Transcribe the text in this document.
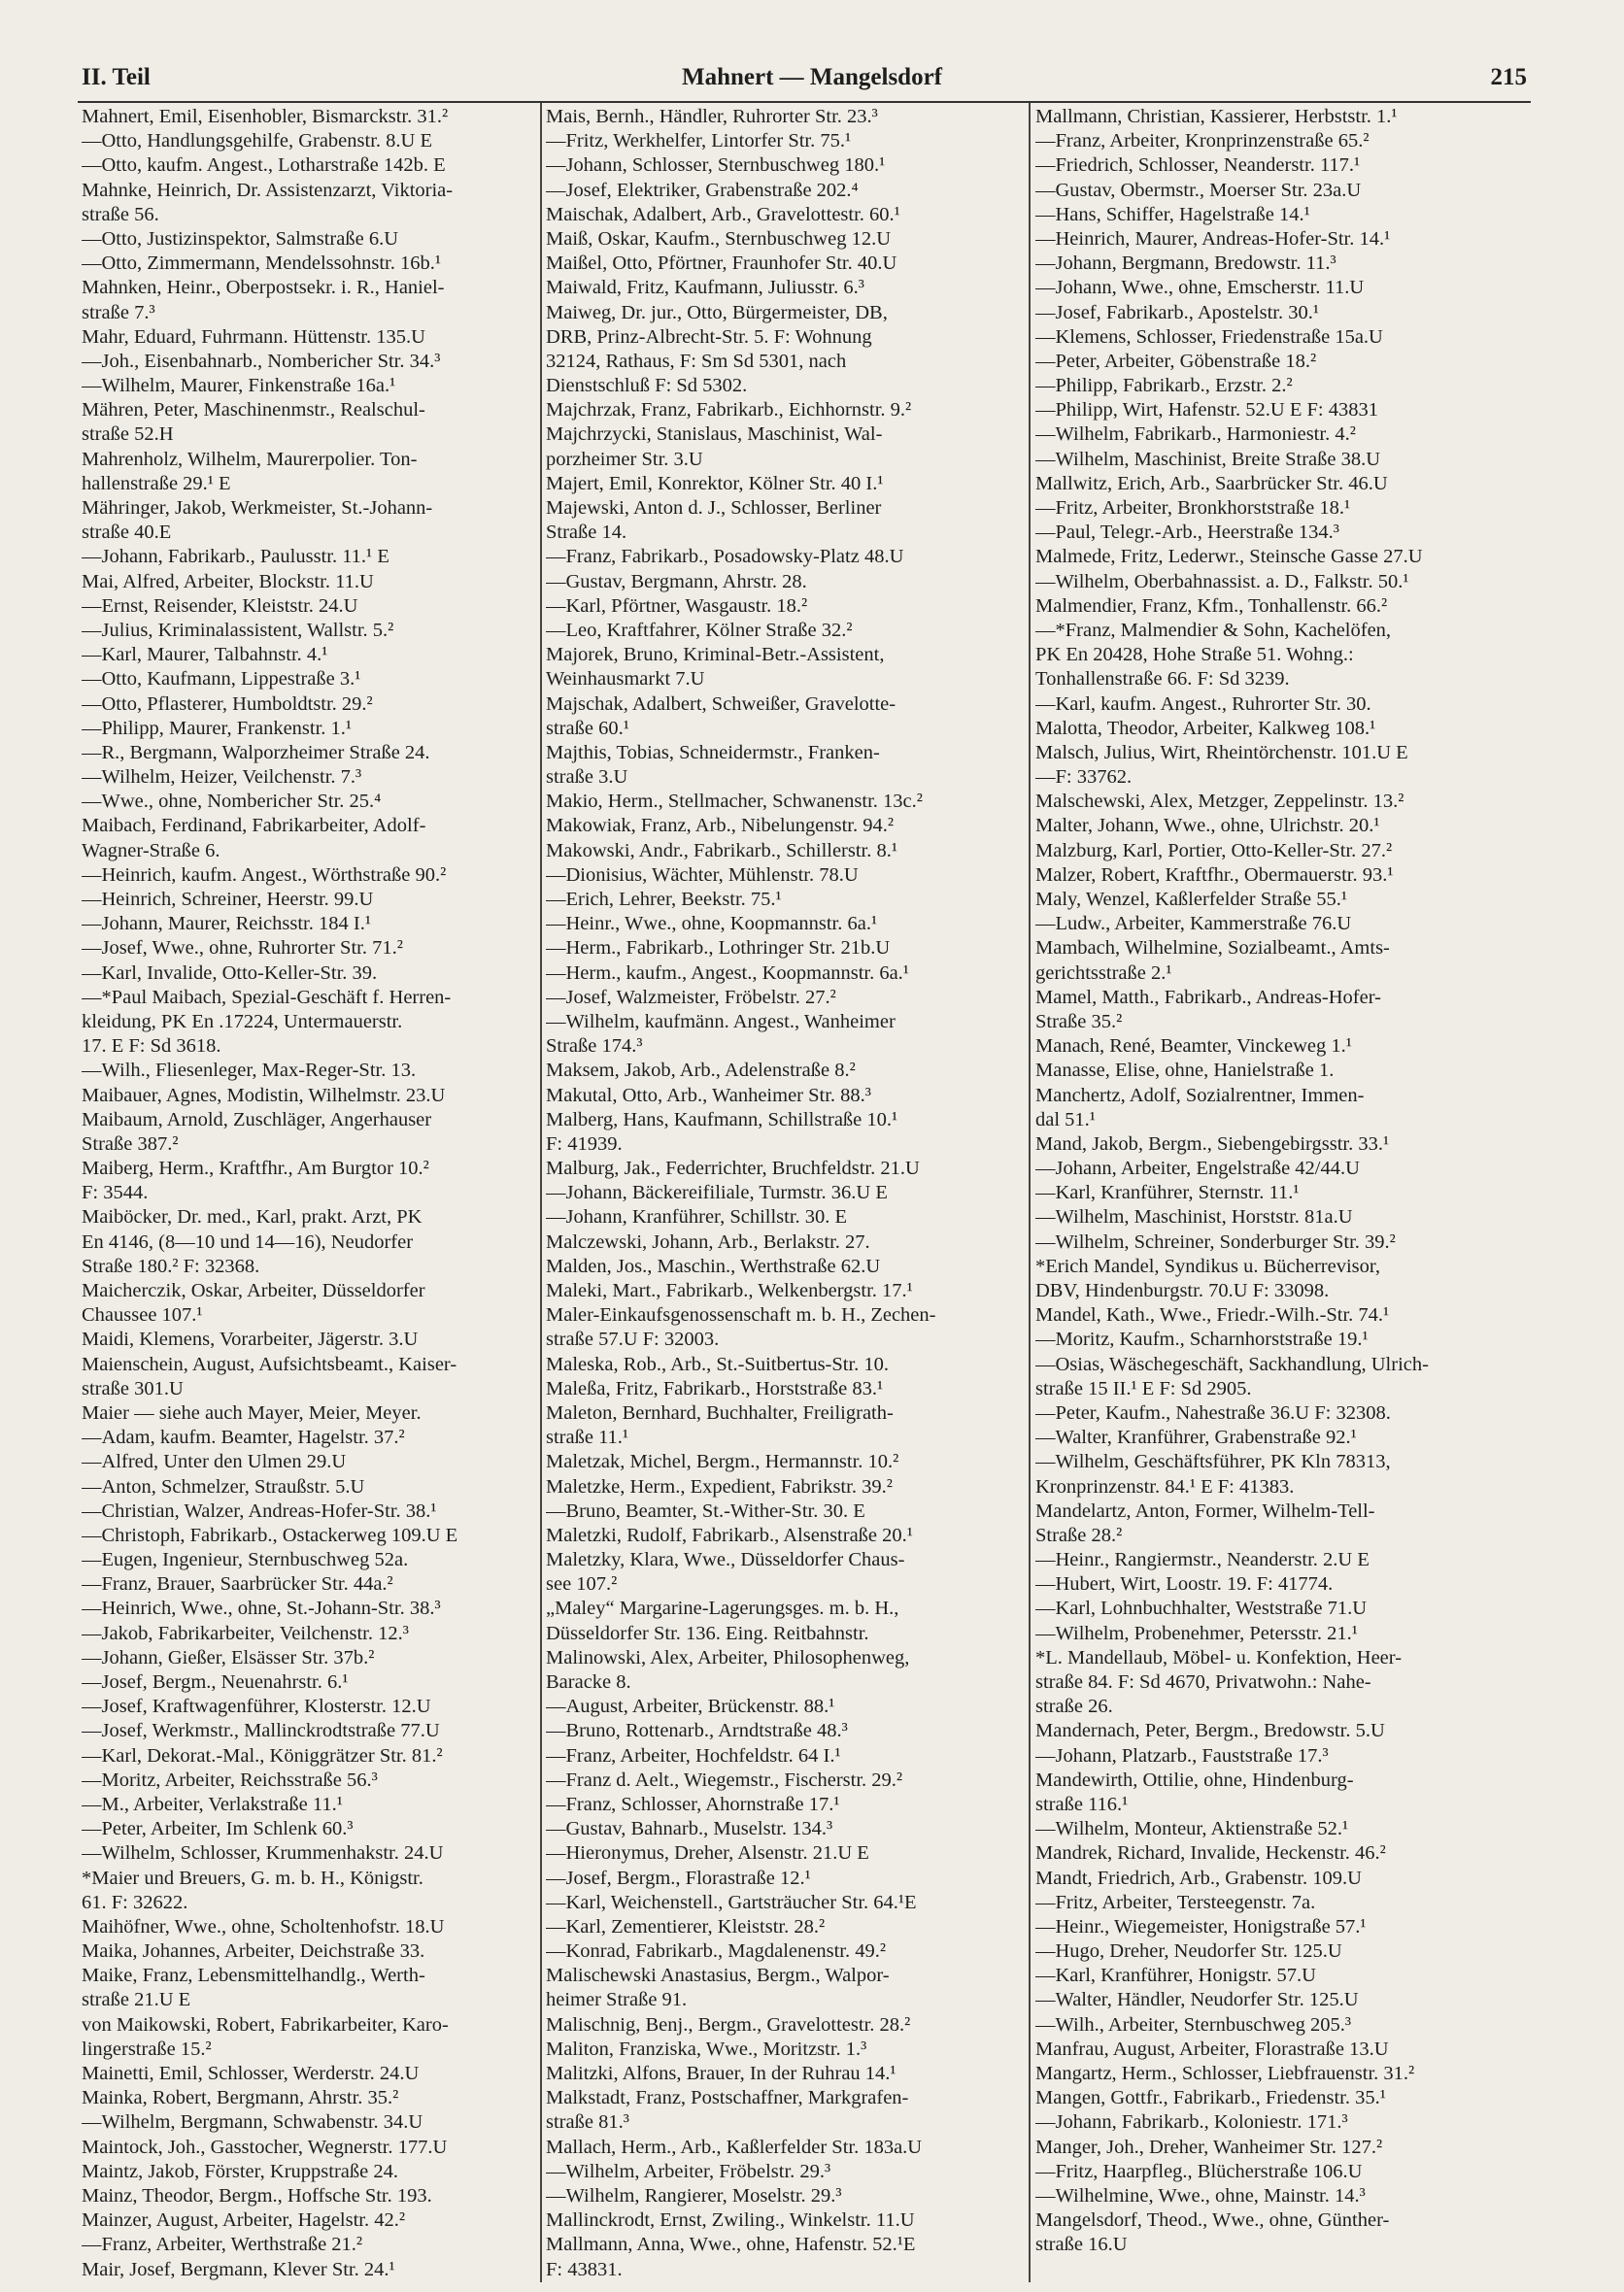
II. Teil	Mahnert — Mangelsdorf	215
Mahnert, Emil, Eisenhobler, Bismarckstr. 31.²
—Otto, Handlungsgehilfe, Grabenstr. 8.U E
—Otto, kaufm. Angest., Lotharstraße 142b. E
Mahnke, Heinrich, Dr. Assistenzarzt, Viktoria-
straße 56.
—Otto, Justizinspektor, Salmstraße 6.U
—Otto, Zimmermann, Mendelssohnstr. 16b.¹
Mahnken, Heinr., Oberpostsekr. i. R., Haniel-
straße 7.³
Mahr, Eduard, Fuhrmann. Hüttenstr. 135.U
—Joh., Eisenbahnarb., Nombericher Str. 34.³
—Wilhelm, Maurer, Finkenstraße 16a.¹
Mähren, Peter, Maschinenmstr., Realschul-
straße 52.H
Mahrenholz, Wilhelm, Maurerpolier. Ton-
hallenstraße 29.¹ E
Mähringer, Jakob, Werkmeister, St.-Johann-
straße 40.E
—Johann, Fabrikarb., Paulusstr. 11.¹ E
Mai, Alfred, Arbeiter, Blockstr. 11.U
—Ernst, Reisender, Kleiststr. 24.U
—Julius, Kriminalassistent, Wallstr. 5.²
—Karl, Maurer, Talbahnstr. 4.¹
—Otto, Kaufmann, Lippestraße 3.¹
—Otto, Pflasterer, Humboldtstr. 29.²
—Philipp, Maurer, Frankenstr. 1.¹
—R., Bergmann, Walporzheimer Straße 24.
—Wilhelm, Heizer, Veilchenstr. 7.³
—Wwe., ohne, Nombericher Str. 25.⁴
Maibach, Ferdinand, Fabrikarbeiter, Adolf-
Wagner-Straße 6.
—Heinrich, kaufm. Angest., Wörthstraße 90.²
—Heinrich, Schreiner, Heerstr. 99.U
—Johann, Maurer, Reichsstr. 184 I.¹
—Josef, Wwe., ohne, Ruhrorter Str. 71.²
—Karl, Invalide, Otto-Keller-Str. 39.
—*Paul Maibach, Spezial-Geschäft f. Herren-
kleidung, PK En .17224, Untermauerstr.
17. E F: Sd 3618.
—Wilh., Fliesenleger, Max-Reger-Str. 13.
Maibauer, Agnes, Modistin, Wilhelmstr. 23.U
Maibaum, Arnold, Zuschläger, Angerhauser
Straße 387.²
Maiberg, Herm., Kraftfhr., Am Burgtor 10.²
F: 3544.
Maiböcker, Dr. med., Karl, prakt. Arzt, PK
En 4146, (8—10 und 14—16), Neudorfer
Straße 180.² F: 32368.
Maicherczik, Oskar, Arbeiter, Düsseldorfer
Chaussee 107.¹
Maidi, Klemens, Vorarbeiter, Jägerstr. 3.U
Maienschein, August, Aufsichtsbeamt., Kaiser-
straße 301.U
Maier — siehe auch Mayer, Meier, Meyer.
—Adam, kaufm. Beamter, Hagelstr. 37.²
—Alfred, Unter den Ulmen 29.U
—Anton, Schmelzer, Straußstr. 5.U
—Christian, Walzer, Andreas-Hofer-Str. 38.¹
—Christoph, Fabrikarb., Ostackerweg 109.U E
—Eugen, Ingenieur, Sternbuschweg 52a.
—Franz, Brauer, Saarbrücker Str. 44a.²
—Heinrich, Wwe., ohne, St.-Johann-Str. 38.³
—Jakob, Fabrikarbeiter, Veilchenstr. 12.³
—Johann, Gießer, Elsässer Str. 37b.²
—Josef, Bergm., Neuenahrstr. 6.¹
—Josef, Kraftwagenführer, Klosterstr. 12.U
—Josef, Werkmstr., Mallinckrodtstraße 77.U
—Karl, Dekorat.-Mal., Königgrätzer Str. 81.²
—Moritz, Arbeiter, Reichsstraße 56.³
—M., Arbeiter, Verlakstraße 11.¹
—Peter, Arbeiter, Im Schlenk 60.³
—Wilhelm, Schlosser, Krummenhakstr. 24.U
*Maier und Breuers, G. m. b. H., Königstr.
61. F: 32622.
Maihöfner, Wwe., ohne, Scholtenhofstr. 18.U
Maika, Johannes, Arbeiter, Deichstraße 33.
Maike, Franz, Lebensmittelhandlg., Werth-
straße 21.U E
von Maikowski, Robert, Fabrikarbeiter, Karo-
lingerstraße 15.²
Mainetti, Emil, Schlosser, Werderstr. 24.U
Mainka, Robert, Bergmann, Ahrstr. 35.²
—Wilhelm, Bergmann, Schwabenstr. 34.U
Maintock, Joh., Gasstocher, Wegnerstr. 177.U
Maintz, Jakob, Förster, Kruppstraße 24.
Mainz, Theodor, Bergm., Hoffsche Str. 193.
Mainzer, August, Arbeiter, Hagelstr. 42.²
—Franz, Arbeiter, Werthstraße 21.²
Mair, Josef, Bergmann, Klever Str. 24.¹
Mais, Bernh., Händler, Ruhrorter Str. 23.³
—Fritz, Werkhelfer, Lintorfer Str. 75.¹
—Johann, Schlosser, Sternbuschweg 180.¹
—Josef, Elektriker, Grabenstraße 202.⁴
Maischak, Adalbert, Arb., Gravelottestr. 60.¹
Maiß, Oskar, Kaufm., Sternbuschweg 12.U
Maißel, Otto, Pförtner, Fraunhofer Str. 40.U
Maiwald, Fritz, Kaufmann, Juliusstr. 6.³
Maiweg, Dr. jur., Otto, Bürgermeister, DB,
DRB, Prinz-Albrecht-Str. 5. F: Wohnung
32124, Rathaus, F: Sm Sd 5301, nach
Dienstschluß F: Sd 5302.
Majchrzak, Franz, Fabrikarb., Eichhornstr. 9.²
Majchrzycki, Stanislaus, Maschinist, Wal-
porzheimer Str. 3.U
Majert, Emil, Konrektor, Kölner Str. 40 I.¹
Majewski, Anton d. J., Schlosser, Berliner
Straße 14.
—Franz, Fabrikarb., Posadowsky-Platz 48.U
—Gustav, Bergmann, Ahrstr. 28.
—Karl, Pförtner, Wasgaustr. 18.²
—Leo, Kraftfahrer, Kölner Straße 32.²
Majorek, Bruno, Kriminal-Betr.-Assistent,
Weinhausmarkt 7.U
Majschak, Adalbert, Schweißer, Gravelotte-
straße 60.¹
Majthis, Tobias, Schneidermstr., Franken-
straße 3.U
Makio, Herm., Stellmacher, Schwanenstr. 13c.²
Makowiak, Franz, Arb., Nibelungenstr. 94.²
Makowski, Andr., Fabrikarb., Schillerstr. 8.¹
—Dionisius, Wächter, Mühlenstr. 78.U
—Erich, Lehrer, Beekstr. 75.¹
—Heinr., Wwe., ohne, Koopmannstr. 6a.¹
—Herm., Fabrikarb., Lothringer Str. 21b.U
—Herm., kaufm., Angest., Koopmannstr. 6a.¹
—Josef, Walzmeister, Fröbelstr. 27.²
—Wilhelm, kaufmänn. Angest., Wanheimer
Straße 174.³
Maksem, Jakob, Arb., Adelenstraße 8.²
Makutal, Otto, Arb., Wanheimer Str. 88.³
Malberg, Hans, Kaufmann, Schillstraße 10.¹
F: 41939.
Malburg, Jak., Federrichter, Bruchfeldstr. 21.U
—Johann, Bäckereifiliale, Turmstr. 36.U E
—Johann, Kranführer, Schillstr. 30. E
Malczewski, Johann, Arb., Berlakstr. 27.
Malden, Jos., Maschin., Werthstraße 62.U
Maleki, Mart., Fabrikarb., Welkenbergstr. 17.¹
Maler-Einkaufsgenossenschaft m. b. H., Zechen-
straße 57.U F: 32003.
Maleska, Rob., Arb., St.-Suitbertus-Str. 10.
Maleßa, Fritz, Fabrikarb., Horststraße 83.¹
Maleton, Bernhard, Buchhalter, Freiligrath-
straße 11.¹
Maletzak, Michel, Bergm., Hermannstr. 10.²
Maletzke, Herm., Expedient, Fabrikstr. 39.²
—Bruno, Beamter, St.-Wither-Str. 30. E
Maletzki, Rudolf, Fabrikarb., Alsenstraße 20.¹
Maletzky, Klara, Wwe., Düsseldorfer Chaus-
see 107.²
„Maley“ Margarine-Lagerungsges. m. b. H.,
Düsseldorfer Str. 136. Eing. Reitbahnstr.
Malinowski, Alex, Arbeiter, Philosophenweg,
Baracke 8.
—August, Arbeiter, Brückenstr. 88.¹
—Bruno, Rottenarb., Arndtstraße 48.³
—Franz, Arbeiter, Hochfeldstr. 64 I.¹
—Franz d. Aelt., Wiegemstr., Fischerstr. 29.²
—Franz, Schlosser, Ahornstraße 17.¹
—Gustav, Bahnarb., Muselstr. 134.³
—Hieronymus, Dreher, Alsenstr. 21.U E
—Josef, Bergm., Florastraße 12.¹
—Karl, Weichenstell., Gartsträucher Str. 64.¹E
—Karl, Zementierer, Kleiststr. 28.²
—Konrad, Fabrikarb., Magdalenenstr. 49.²
Malischewski Anastasius, Bergm., Walpor-
heimer Straße 91.
Malischnig, Benj., Bergm., Gravelottestr. 28.²
Maliton, Franziska, Wwe., Moritzstr. 1.³
Malitzki, Alfons, Brauer, In der Ruhrau 14.¹
Malkstadt, Franz, Postschaffner, Markgrafen-
straße 81.³
Mallach, Herm., Arb., Kaßlerfelder Str. 183a.U
—Wilhelm, Arbeiter, Fröbelstr. 29.³
—Wilhelm, Rangierer, Moselstr. 29.³
Mallinckrodt, Ernst, Zwiling., Winkelstr. 11.U
Mallmann, Anna, Wwe., ohne, Hafenstr. 52.¹E
F: 43831.
Mallmann, Christian, Kassierer, Herbststr. 1.¹
—Franz, Arbeiter, Kronprinzenstraße 65.²
—Friedrich, Schlosser, Neanderstr. 117.¹
—Gustav, Obermstr., Moerser Str. 23a.U
—Hans, Schiffer, Hagelstraße 14.¹
—Heinrich, Maurer, Andreas-Hofer-Str. 14.¹
—Johann, Bergmann, Bredowstr. 11.³
—Johann, Wwe., ohne, Emscherstr. 11.U
—Josef, Fabrikarb., Apostelstr. 30.¹
—Klemens, Schlosser, Friedenstraße 15a.U
—Peter, Arbeiter, Göbenstraße 18.²
—Philipp, Fabrikarb., Erzstr. 2.²
—Philipp, Wirt, Hafenstr. 52.U E F: 43831
—Wilhelm, Fabrikarb., Harmoniestr. 4.²
—Wilhelm, Maschinist, Breite Straße 38.U
Mallwitz, Erich, Arb., Saarbrücker Str. 46.U
—Fritz, Arbeiter, Bronkhorststraße 18.¹
—Paul, Telegr.-Arb., Heerstraße 134.³
Malmede, Fritz, Lederwr., Steinsche Gasse 27.U
—Wilhelm, Oberbahnassist. a. D., Falkstr. 50.¹
Malmendier, Franz, Kfm., Tonhallenstr. 66.²
—*Franz, Malmendier & Sohn, Kachelöfen,
PK En 20428, Hohe Straße 51. Wohng.:
Tonhallenstraße 66. F: Sd 3239.
—Karl, kaufm. Angest., Ruhrorter Str. 30.
Malotta, Theodor, Arbeiter, Kalkweg 108.¹
Malsch, Julius, Wirt, Rheintörchenstr. 101.U E
—F: 33762.
Malschewski, Alex, Metzger, Zeppelinstr. 13.²
Malter, Johann, Wwe., ohne, Ulrichstr. 20.¹
Malzburg, Karl, Portier, Otto-Keller-Str. 27.²
Malzer, Robert, Kraftfhr., Obermauerstr. 93.¹
Maly, Wenzel, Kaßlerfelder Straße 55.¹
—Ludw., Arbeiter, Kammerstraße 76.U
Mambach, Wilhelmine, Sozialbeamt., Amts-
gerichtsstraße 2.¹
Mamel, Matth., Fabrikarb., Andreas-Hofer-
Straße 35.²
Manach, René, Beamter, Vinckeweg 1.¹
Manasse, Elise, ohne, Hanielstraße 1.
Manchertz, Adolf, Sozialrentner, Immen-
dal 51.¹
Mand, Jakob, Bergm., Siebengebirgsstr. 33.¹
—Johann, Arbeiter, Engelstraße 42/44.U
—Karl, Kranführer, Sternstr. 11.¹
—Wilhelm, Maschinist, Horststr. 81a.U
—Wilhelm, Schreiner, Sonderburger Str. 39.²
*Erich Mandel, Syndikus u. Bücherrevisor,
DBV, Hindenburgstr. 70.U F: 33098.
Mandel, Kath., Wwe., Friedr.-Wilh.-Str. 74.¹
—Moritz, Kaufm., Scharnhorststraße 19.¹
—Osias, Wäschegeschäft, Sackhandlung, Ulrich-
straße 15 II.¹ E F: Sd 2905.
—Peter, Kaufm., Nahestraße 36.U F: 32308.
—Walter, Kranführer, Grabenstraße 92.¹
—Wilhelm, Geschäftsführer, PK Kln 78313,
Kronprinzenstr. 84.¹ E F: 41383.
Mandelartz, Anton, Former, Wilhelm-Tell-
Straße 28.²
—Heinr., Rangiermstr., Neanderstr. 2.U E
—Hubert, Wirt, Loostr. 19. F: 41774.
—Karl, Lohnbuchhalter, Weststraße 71.U
—Wilhelm, Probenehmer, Petersstr. 21.¹
*L. Mandellaub, Möbel- u. Konfektion, Heer-
straße 84. F: Sd 4670, Privatwohn.: Nahe-
straße 26.
Mandernach, Peter, Bergm., Bredowstr. 5.U
—Johann, Platzarb., Fauststraße 17.³
Mandewirth, Ottilie, ohne, Hindenburg-
straße 116.¹
—Wilhelm, Monteur, Aktienstraße 52.¹
Mandrek, Richard, Invalide, Heckenstr. 46.²
Mandt, Friedrich, Arb., Grabenstr. 109.U
—Fritz, Arbeiter, Tersteegenstr. 7a.
—Heinr., Wiegemeister, Honigstraße 57.¹
—Hugo, Dreher, Neudorfer Str. 125.U
—Karl, Kranführer, Honigstr. 57.U
—Walter, Händler, Neudorfer Str. 125.U
—Wilh., Arbeiter, Sternbuschweg 205.³
Manfrau, August, Arbeiter, Florastraße 13.U
Mangartz, Herm., Schlosser, Liebfrauenstr. 31.²
Mangen, Gottfr., Fabrikarb., Friedenstr. 35.¹
—Johann, Fabrikarb., Koloniestr. 171.³
Manger, Joh., Dreher, Wanheimer Str. 127.²
—Fritz, Haarpfleg., Blücherstraße 106.U
—Wilhelmine, Wwe., ohne, Mainstr. 14.³
Mangelsdorf, Theod., Wwe., ohne, Günther-
straße 16.U
